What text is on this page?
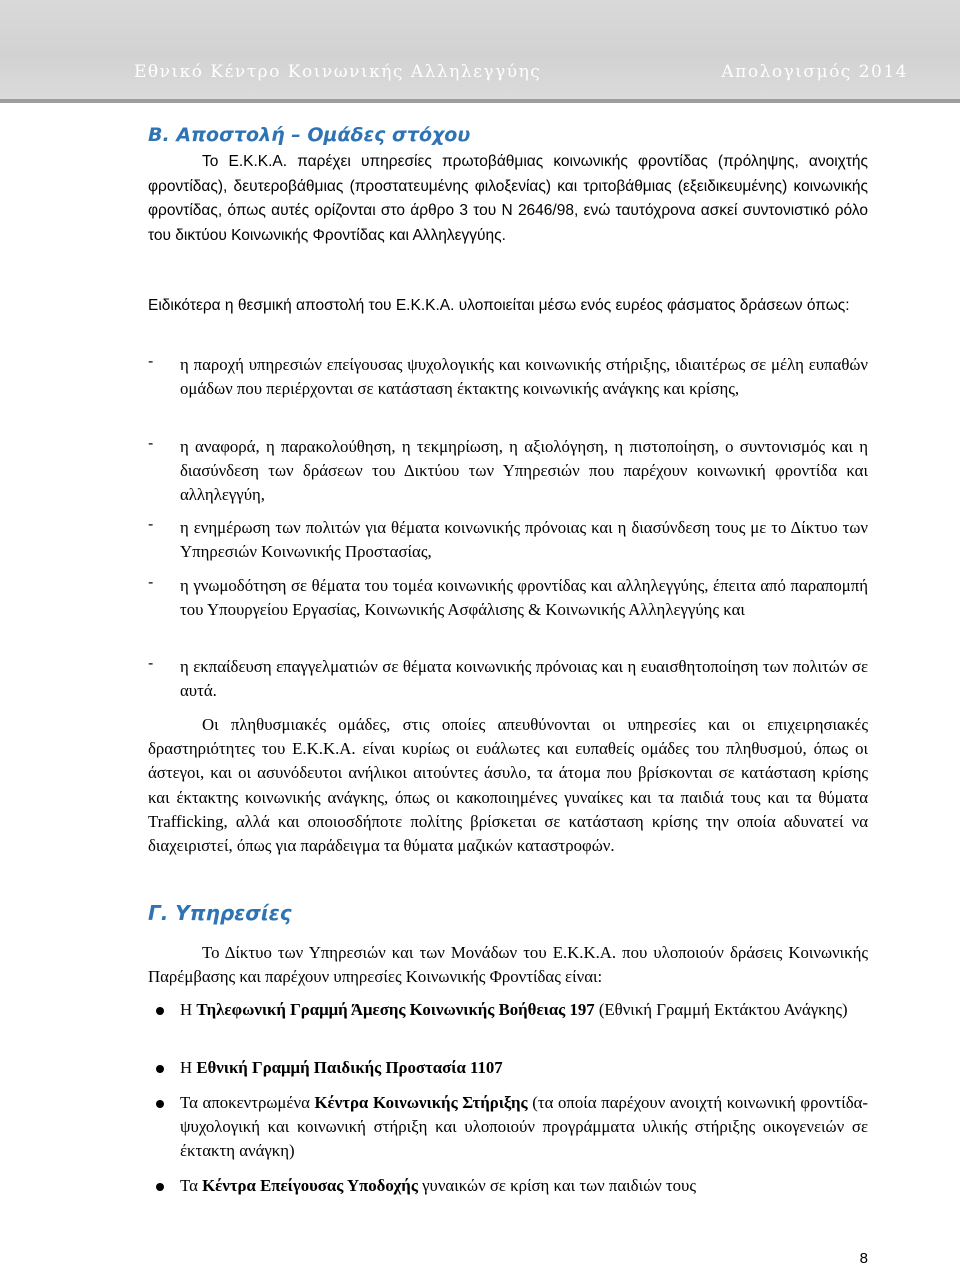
Εθνικό Κέντρο Κοινωνικής Αλληλεγγύης	Απολογισμός 2014
Β. Αποστολή – Ομάδες στόχου

Το Ε.Κ.Κ.Α. παρέχει υπηρεσίες πρωτοβάθμιας κοινωνικής φροντίδας (πρόληψης, ανοιχτής φροντίδας), δευτεροβάθμιας (προστατευμένης φιλοξενίας) και τριτοβάθμιας (εξειδικευμένης) κοινωνικής φροντίδας, όπως αυτές ορίζονται στο άρθρο 3 του Ν 2646/98, ενώ ταυτόχρονα ασκεί συντονιστικό ρόλο του δικτύου Κοινωνικής Φροντίδας και Αλληλεγγύης.

Ειδικότερα η θεσμική αποστολή του Ε.Κ.Κ.Α. υλοποιείται μέσω ενός ευρέος φάσματος δράσεων όπως:

- η παροχή υπηρεσιών επείγουσας ψυχολογικής και κοινωνικής στήριξης, ιδιαιτέρως σε μέλη ευπαθών ομάδων που περιέρχονται σε κατάσταση έκτακτης κοινωνικής ανάγκης και κρίσης,
- η αναφορά, η παρακολούθηση, η τεκμηρίωση, η αξιολόγηση, η πιστοποίηση, ο συντονισμός και η διασύνδεση των δράσεων του Δικτύου των Υπηρεσιών που παρέχουν κοινωνική φροντίδα και αλληλεγγύη,
- η ενημέρωση των πολιτών για θέματα κοινωνικής πρόνοιας και η διασύνδεση τους με το Δίκτυο των Υπηρεσιών Κοινωνικής Προστασίας,
- η γνωμοδότηση σε θέματα του τομέα κοινωνικής φροντίδας και αλληλεγγύης, έπειτα από παραπομπή του Υπουργείου Εργασίας, Κοινωνικής Ασφάλισης & Κοινωνικής Αλληλεγγύης και
- η εκπαίδευση επαγγελματιών σε θέματα κοινωνικής πρόνοιας και η ευαισθητοποίηση των πολιτών σε αυτά.

Οι πληθυσμιακές ομάδες, στις οποίες απευθύνονται οι υπηρεσίες και οι επιχειρησιακές δραστηριότητες του Ε.Κ.Κ.Α. είναι κυρίως οι ευάλωτες και ευπαθείς ομάδες του πληθυσμού, όπως οι άστεγοι, και οι ασυνόδευτοι ανήλικοι αιτούντες άσυλο, τα άτομα που βρίσκονται σε κατάσταση κρίσης και έκτακτης κοινωνικής ανάγκης, όπως οι κακοποιημένες γυναίκες και τα παιδιά τους και τα θύματα Trafficking, αλλά και οποιοσδήποτε πολίτης βρίσκεται σε κατάσταση κρίσης την οποία αδυνατεί να διαχειριστεί, όπως για παράδειγμα τα θύματα μαζικών καταστροφών.

Γ. Υπηρεσίες

Το Δίκτυο των Υπηρεσιών και των Μονάδων του Ε.Κ.Κ.Α. που υλοποιούν δράσεις Κοινωνικής Παρέμβασης και παρέχουν υπηρεσίες Κοινωνικής Φροντίδας είναι:

Η Τηλεφωνική Γραμμή Άμεσης Κοινωνικής Βοήθειας 197 (Εθνική Γραμμή Εκτάκτου Ανάγκης)
Η Εθνική Γραμμή Παιδικής Προστασία 1107
Τα αποκεντρωμένα Κέντρα Κοινωνικής Στήριξης (τα οποία παρέχουν ανοιχτή κοινωνική φροντίδα-ψυχολογική και κοινωνική στήριξη και υλοποιούν προγράμματα υλικής στήριξης οικογενειών σε έκτακτη ανάγκη)
Τα Κέντρα Επείγουσας Υποδοχής γυναικών σε κρίση και των παιδιών τους
8
